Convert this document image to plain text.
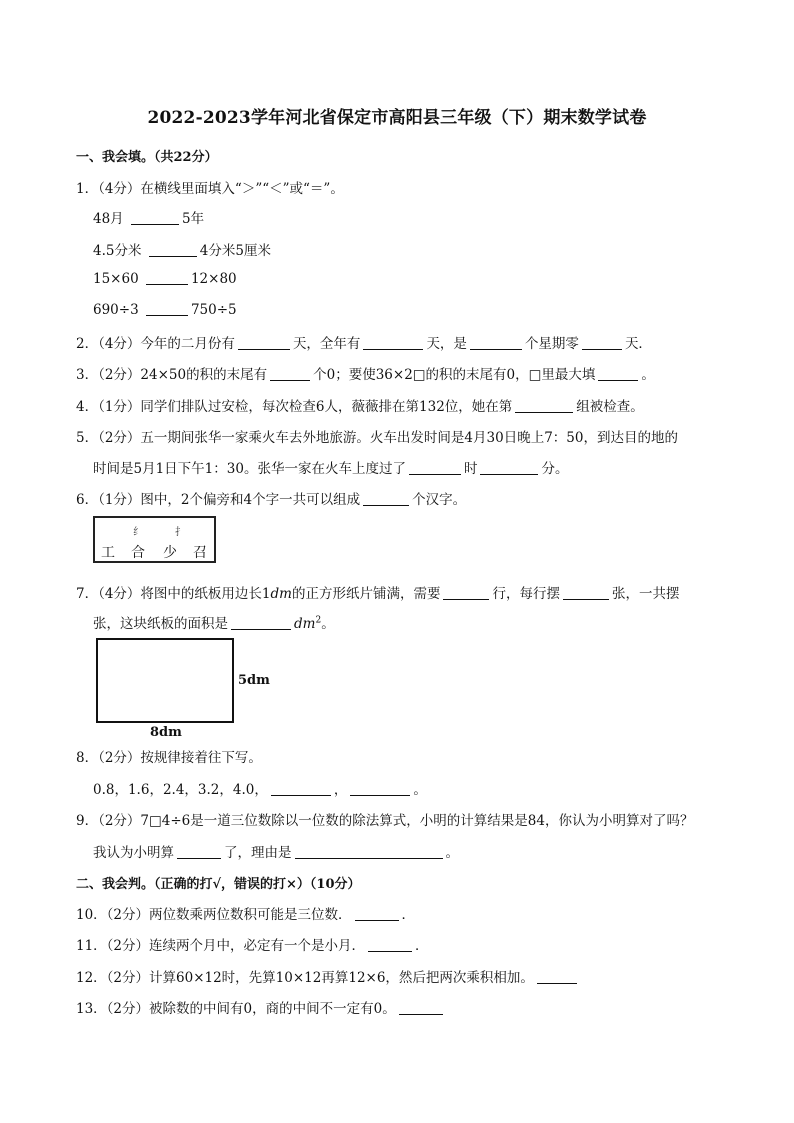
2022-2023学年河北省保定市高阳县三年级（下）期末数学试卷
一、我会填。（共22分）
1．（4分）在横线里面填入“＞”“＜”或“＝”。
48月	5年
4.5分米	4分米5厘米
15×60	12×80
690÷3	750÷5
2．（4分）今年的二月份有	天，全年有	天，是	个星期零	天．
3．（2分）24×50的积的末尾有	个0；要使36×2□的积的末尾有0，□里最大填	。
4．（1分）同学们排队过安检，每次检查6人，薇薇排在第132位，她在第	组被检查。
5．（2分）五一期间张华一家乘火车去外地旅游。火车出发时间是4月30日晚上7：50，到达目的地的
时间是5月1日下午1：30。张华一家在火车上度过了	时	分。
6．（1分）图中，2个偏旁和4个字一共可以组成	个汉字。
纟	扌
工 合 少 召
7．（4分）将图中的纸板用边长1dm的正方形纸片铺满，需要	行，每行摆	张，一共摆
张，这块纸板的面积是	$dm^2$。
5dm
8dm
8．（2分）按规律接着往下写。
0.8，1.6，2.4，3.2，4.0，	，	。
9．（2分）7□4÷6是一道三位数除以一位数的除法算式，小明的计算结果是84，你认为小明算对了吗？
我认为小明算	了，理由是	。
二、我会判。（正确的打√，错误的打×）（10分）
10．（2分）两位数乘两位数积可能是三位数．	．
11．（2分）连续两个月中，必定有一个是小月．	．
12．（2分）计算60×12时，先算10×12再算12×6，然后把两次乘积相加。
13．（2分）被除数的中间有0，商的中间不一定有0。
